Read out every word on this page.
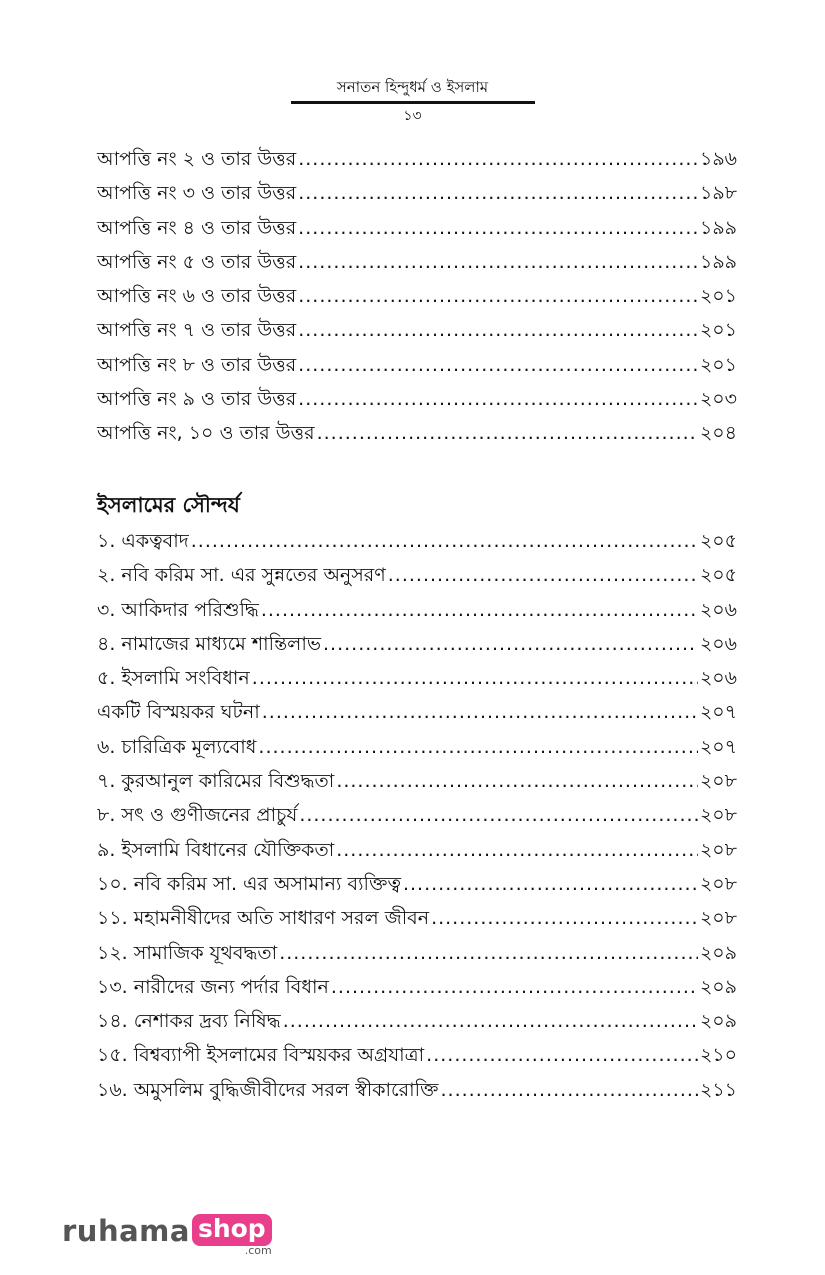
সনাতন হিন্দুধর্ম ও ইসলাম
১৩
আপত্তি নং ২ ও তার উত্তর .....	১৯৬
আপত্তি নং ৩ ও তার উত্তর .....	১৯৮
আপত্তি নং ৪ ও তার উত্তর .....	১৯৯
আপত্তি নং ৫ ও তার উত্তর .....	১৯৯
আপত্তি নং ৬ ও তার উত্তর .....	২০১
আপত্তি নং ৭ ও তার উত্তর .....	২০১
আপত্তি নং ৮ ও তার উত্তর .....	২০১
আপত্তি নং ৯ ও তার উত্তর .....	২০৩
আপত্তি নং, ১০ ও তার উত্তর .....	২০৪
ইসলামের সৌন্দর্য
১. একত্ববাদ .....	২০৫
২. নবি করিম সা. এর সুন্নতের অনুসরণ .....	২০৫
৩. আকিদার পরিশুদ্ধি .....	২০৬
৪. নামাজের মাধ্যমে শান্তিলাভ .....	২০৬
৫. ইসলামি সংবিধান .....	২০৬
একটি বিস্ময়কর ঘটনা .....	২০৭
৬. চারিত্রিক মূল্যবোধ .....	২০৭
৭. কুরআনুল কারিমের বিশুদ্ধতা .....	২০৮
৮. সৎ ও গুণীজনের প্রাচুর্য .....	২০৮
৯. ইসলামি বিধানের যৌক্তিকতা .....	২০৮
১০. নবি করিম সা. এর অসামান্য ব্যক্তিত্ব .....	২০৮
১১. মহামনীষীদের অতি সাধারণ সরল জীবন .....	২০৮
১২. সামাজিক যূথবদ্ধতা .....	২০৯
১৩. নারীদের জন্য পর্দার বিধান .....	২০৯
১৪. নেশাকর দ্রব্য নিষিদ্ধ .....	২০৯
১৫. বিশ্বব্যাপী ইসলামের বিস্ময়কর অগ্রযাত্রা .....	২১০
১৬. অমুসলিম বুদ্ধিজীবীদের সরল স্বীকারোক্তি .....	২১১
ruhama shop
.com
